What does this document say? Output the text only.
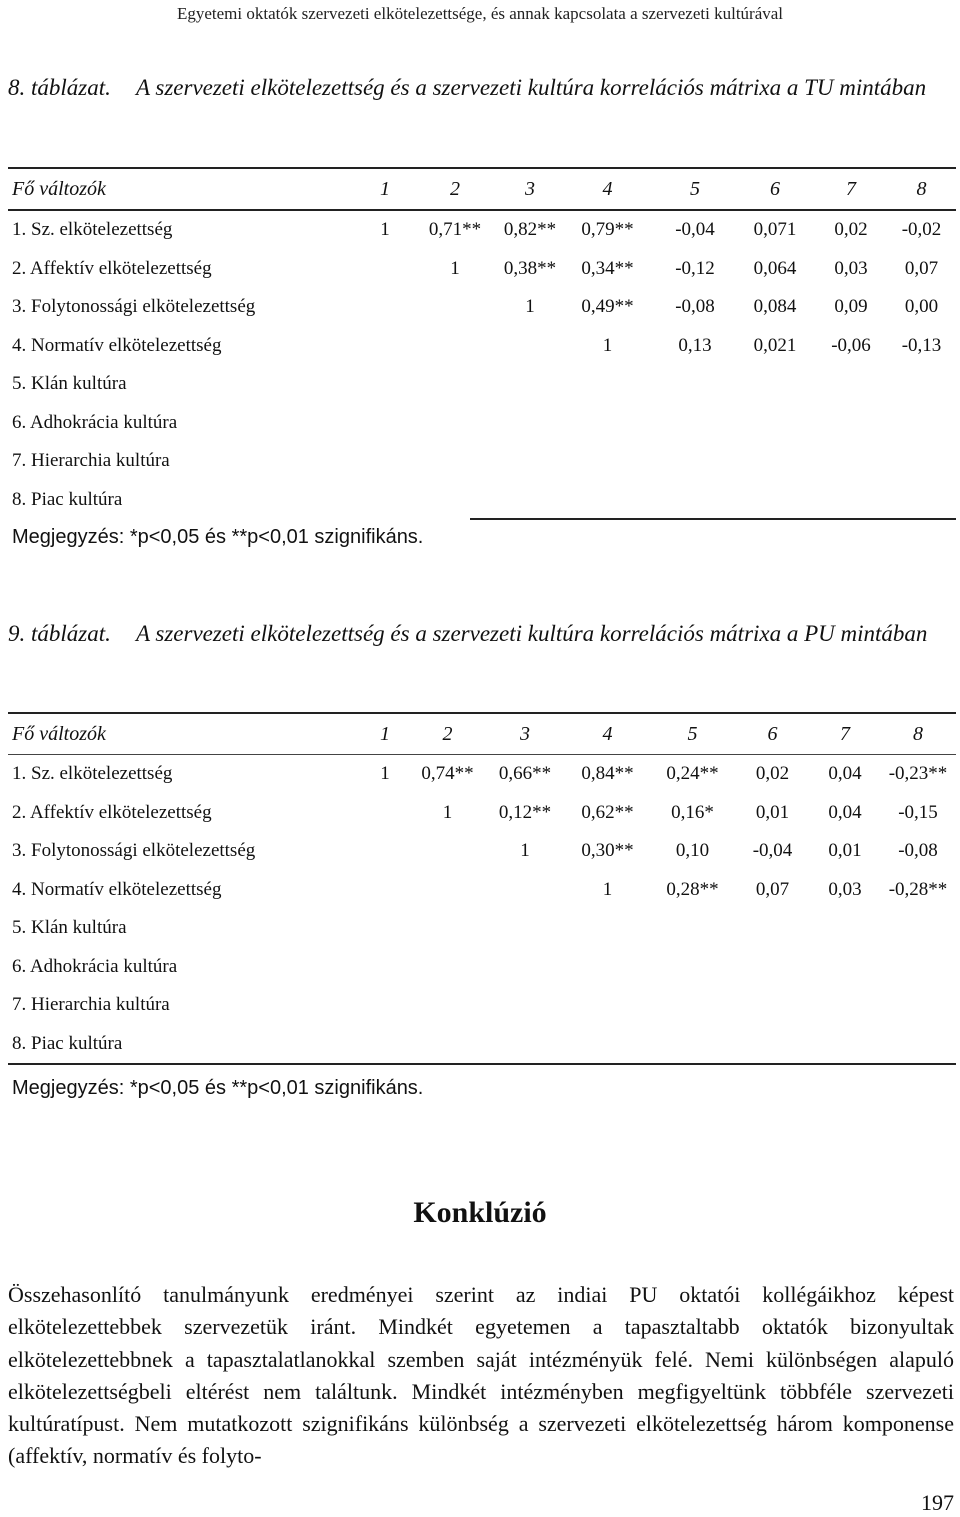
Egyetemi oktatók szervezeti elkötelezettsége, és annak kapcsolata a szervezeti kultúrával
8. táblázat. A szervezeti elkötelezettség és a szervezeti kultúra korrelációs mátrixa a TU mintában
Fő változók	1	2	3	4	5	6	7	8
1. Sz. elkötelezettség	1	0,71**	0,82**	0,79**	-0,04	0,071	0,02	-0,02
2. Affektív elkötelezettség		1	0,38**	0,34**	-0,12	0,064	0,03	0,07
3. Folytonossági elkötelezettség			1	0,49**	-0,08	0,084	0,09	0,00
4. Normatív elkötelezettség				1	0,13	0,021	-0,06	-0,13
5. Klán kultúra								
6. Adhokrácia kultúra								
7. Hierarchia kultúra								
8. Piac kultúra								
Megjegyzés: *p<0,05 és **p<0,01 szignifikáns.
9. táblázat. A szervezeti elkötelezettség és a szervezeti kultúra korrelációs mátrixa a PU mintában
Fő változók	1	2	3	4	5	6	7	8
1. Sz. elkötelezettség	1	0,74**	0,66**	0,84**	0,24**	0,02	0,04	-0,23**
2. Affektív elkötelezettség		1	0,12**	0,62**	0,16*	0,01	0,04	-0,15
3. Folytonossági elkötelezettség			1	0,30**	0,10	-0,04	0,01	-0,08
4. Normatív elkötelezettség				1	0,28**	0,07	0,03	-0,28**
5. Klán kultúra								
6. Adhokrácia kultúra								
7. Hierarchia kultúra								
8. Piac kultúra								
Megjegyzés: *p<0,05 és **p<0,01 szignifikáns.
Konklúzió
Összehasonlító tanulmányunk eredményei szerint az indiai PU oktatói kollégáikhoz képest elkötelezettebbek szervezetük iránt. Mindkét egyetemen a tapasztaltabb oktatók bizonyultak elkötelezettebbnek a tapasztalatlanokkal szemben saját intézményük felé. Nemi különbségen alapuló elkötelezettségbeli eltérést nem találtunk. Mindkét intézményben megfigyeltünk többféle szervezeti kultúratípust. Nem mutatkozott szignifikáns különbség a szervezeti elkötelezettség három komponense (affektív, normatív és folyto-
197
